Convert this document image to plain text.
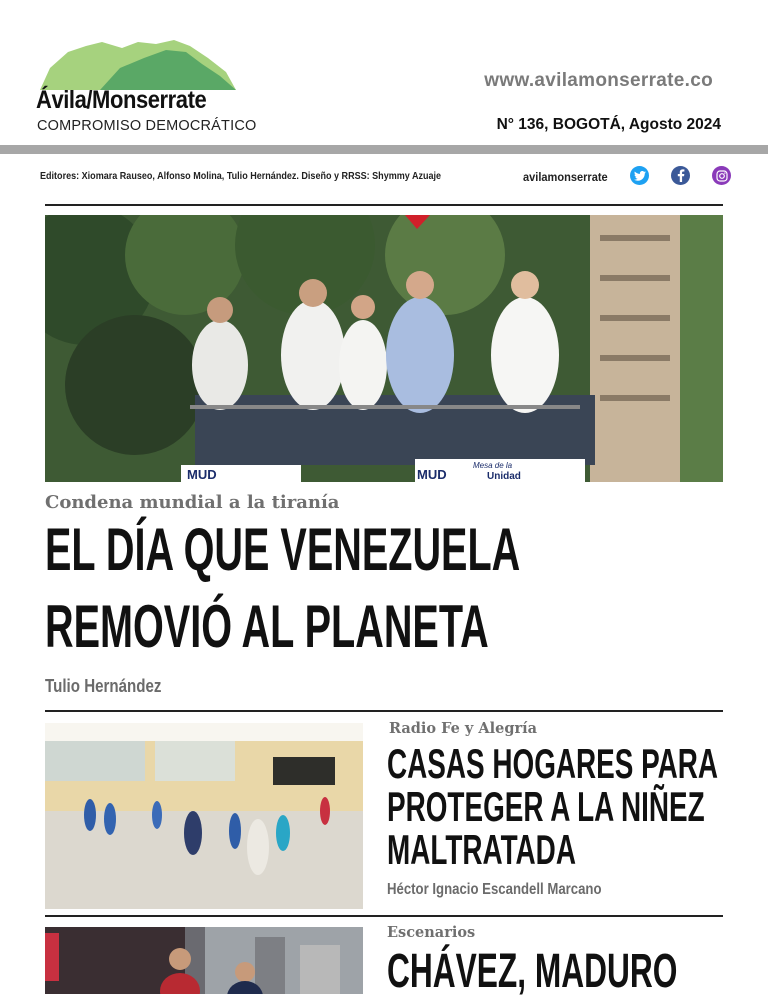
Ávila/Monserrate
COMPROMISO DEMOCRÁTICO
www.avilamonserrate.co
N° 136, BOGOTÁ, Agosto 2024
Editores: Xiomara Rauseo, Alfonso Molina, Tulio Hernández. Diseño y RRSS: Shymmy Azuaje	avilamonserrate
MUD	MUD
Mesa de la
Unidad
Condena mundial a la tiranía
EL DÍA QUE VENEZUELA
REMOVIÓ AL PLANETA
Tulio Hernández
Radio Fe y Alegría
CASAS HOGARES PARA
PROTEGER A LA NIÑEZ
MALTRATADA
Héctor Ignacio Escandell Marcano
Escenarios
CHÁVEZ, MADURO
